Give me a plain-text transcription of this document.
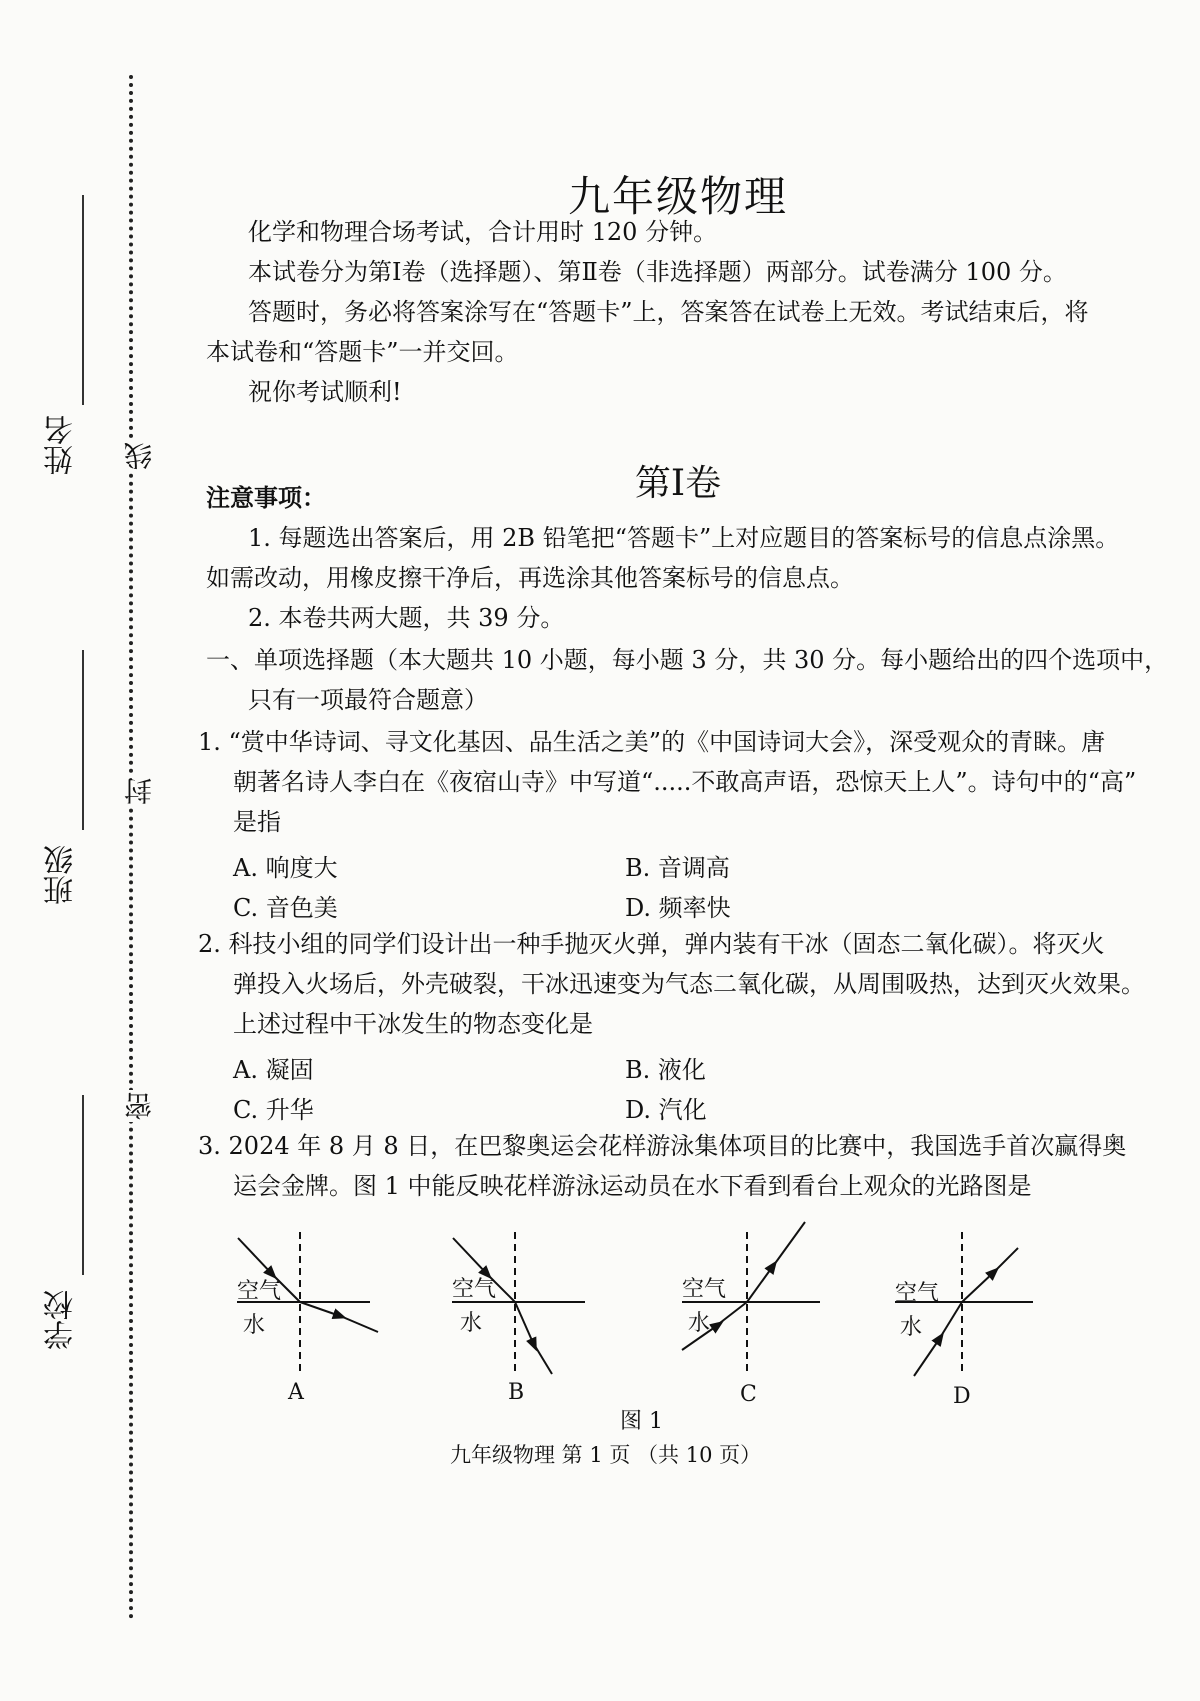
姓名
班级
学校
线
封
密
九年级物理
化学和物理合场考试，合计用时 120 分钟。
本试卷分为第Ⅰ卷（选择题）、第Ⅱ卷（非选择题）两部分。试卷满分 100 分。
答题时，务必将答案涂写在“答题卡”上，答案答在试卷上无效。考试结束后，将
本试卷和“答题卡”一并交回。
祝你考试顺利!
第Ⅰ卷
注意事项：
1. 每题选出答案后，用 2B 铅笔把“答题卡”上对应题目的答案标号的信息点涂黑。
如需改动，用橡皮擦干净后，再选涂其他答案标号的信息点。
2. 本卷共两大题，共 39 分。
一、单项选择题（本大题共 10 小题，每小题 3 分，共 30 分。每小题给出的四个选项中，
只有一项最符合题意）
1. “赏中华诗词、寻文化基因、品生活之美”的《中国诗词大会》，深受观众的青睐。唐
朝著名诗人李白在《夜宿山寺》中写道“.....不敢高声语，恐惊天上人”。诗句中的“高”
是指
A. 响度大	B. 音调高
C. 音色美	D. 频率快
2. 科技小组的同学们设计出一种手抛灭火弹，弹内装有干冰（固态二氧化碳）。将灭火
弹投入火场后，外壳破裂，干冰迅速变为气态二氧化碳，从周围吸热，达到灭火效果。
上述过程中干冰发生的物态变化是
A. 凝固	B. 液化
C. 升华	D. 汽化
3. 2024 年 8 月 8 日，在巴黎奥运会花样游泳集体项目的比赛中，我国选手首次赢得奥
运会金牌。图 1 中能反映花样游泳运动员在水下看到看台上观众的光路图是
空气
水
空气
水
空气
水
空气
水
A	B	C	D
图 1
九年级物理 第 1 页 （共 10 页）
